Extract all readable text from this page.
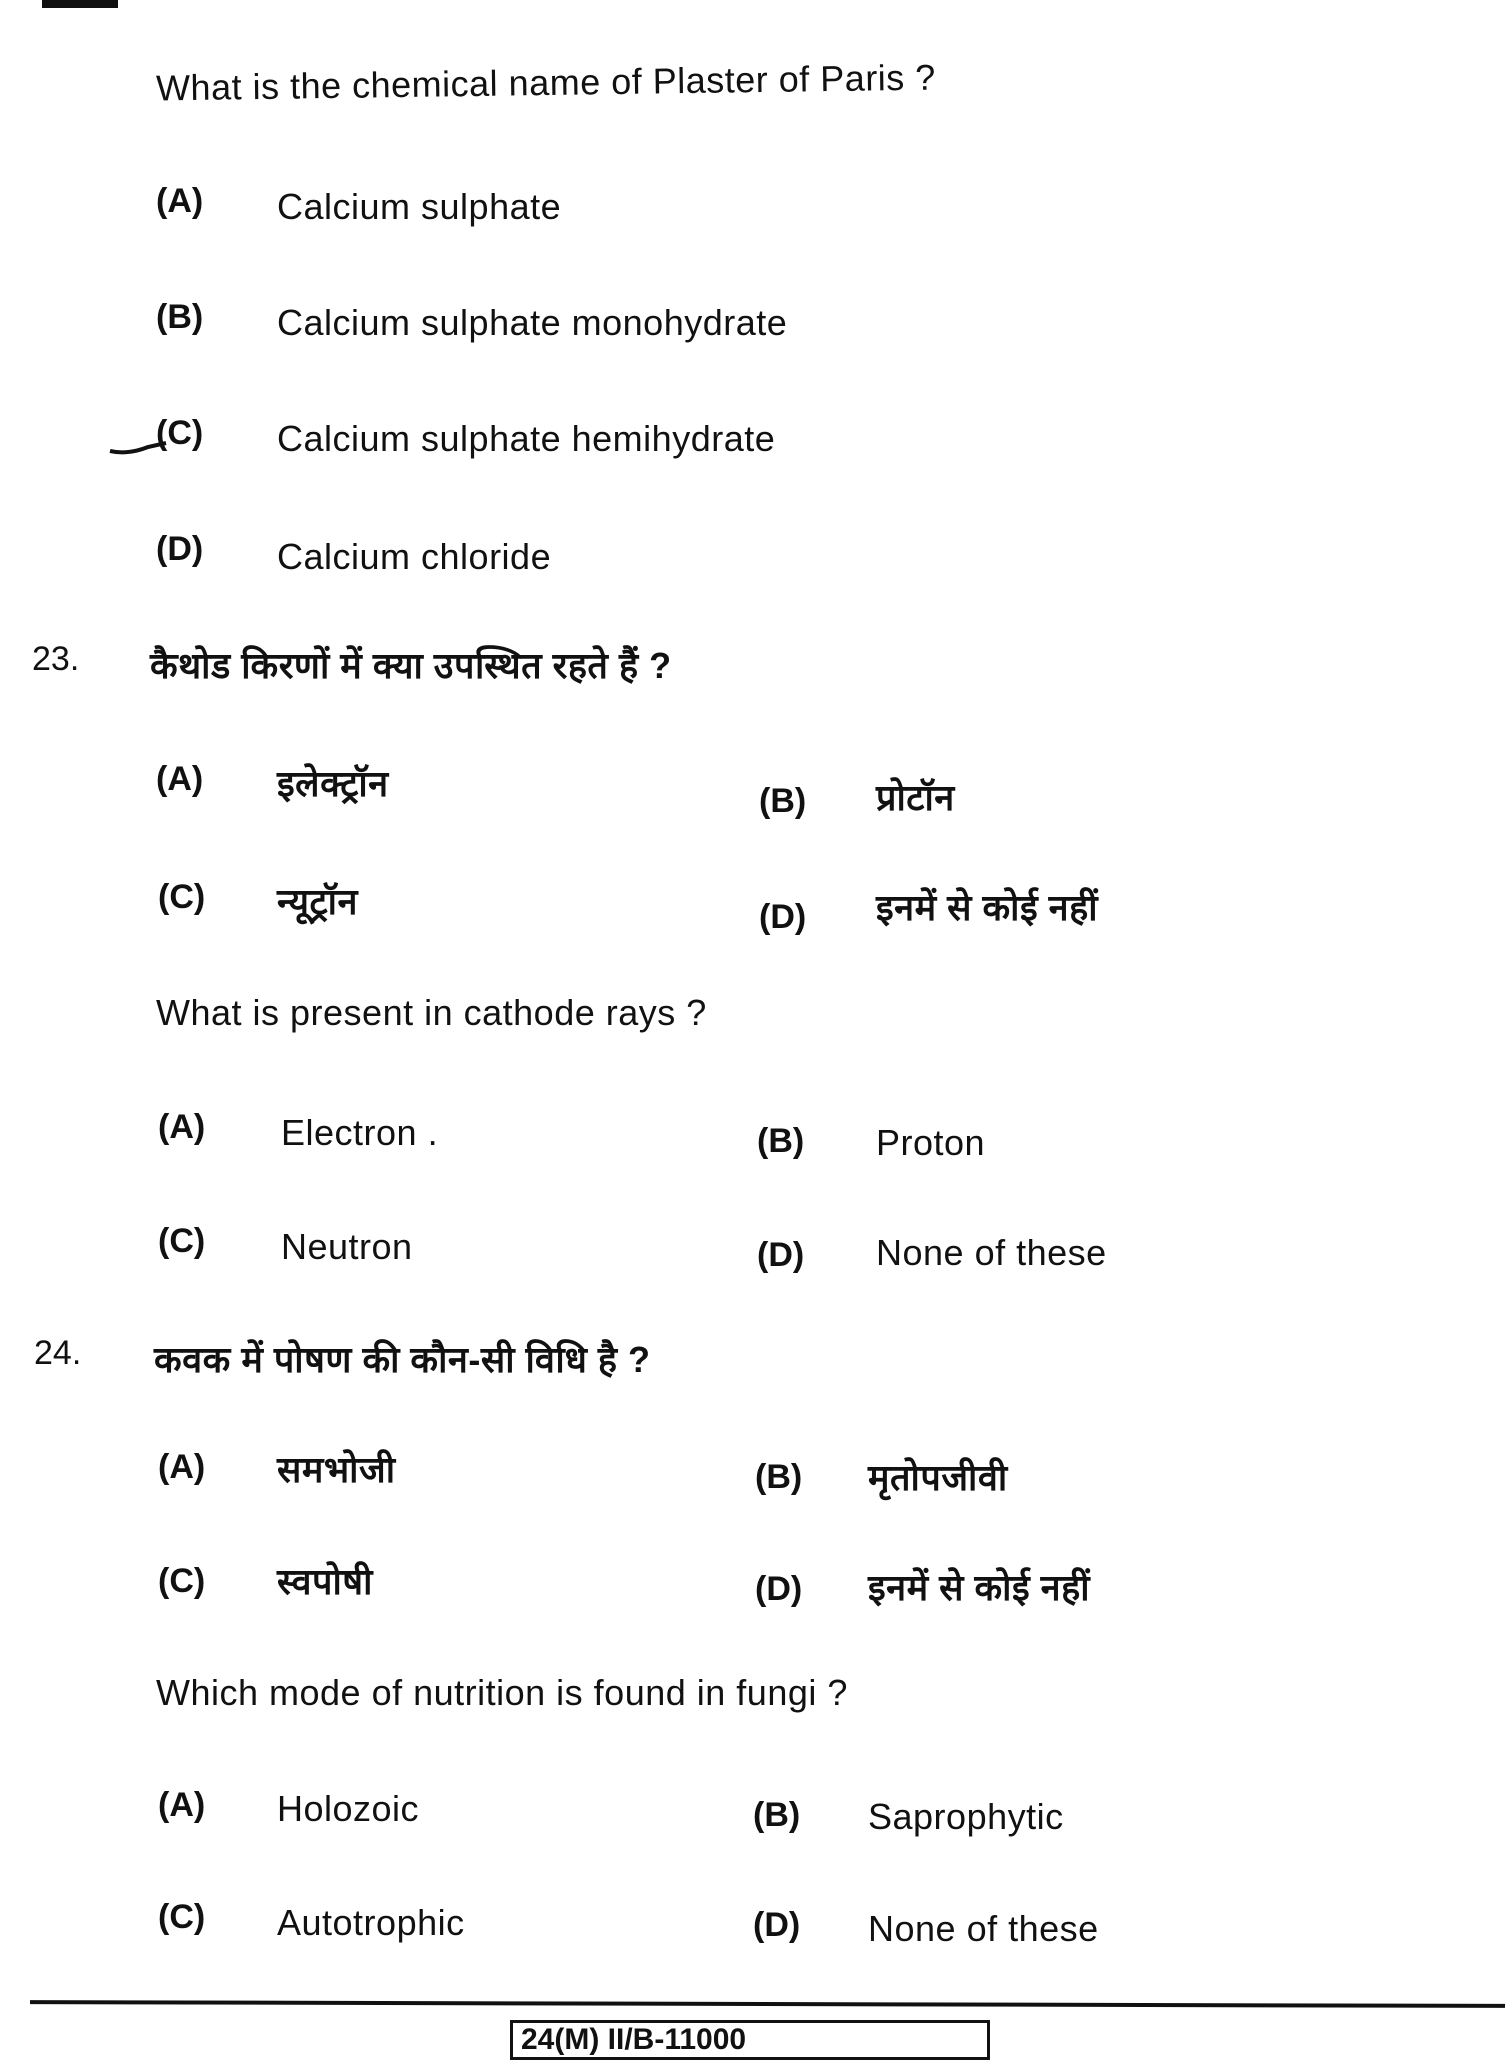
What is the chemical name of Plaster of Paris ?
(A) Calcium sulphate
(B) Calcium sulphate monohydrate
(C) Calcium sulphate hemihydrate
(D) Calcium chloride
23. कैथोड किरणों में क्या उपस्थित रहते हैं ?
(A) इलेक्ट्रॉन	(B) प्रोटॉन
(C) न्यूट्रॉन	(D) इनमें से कोई नहीं
What is present in cathode rays ?
(A) Electron .	(B) Proton
(C) Neutron	(D) None of these
24. कवक में पोषण की कौन-सी विधि है ?
(A) समभोजी	(B) मृतोपजीवी
(C) स्वपोषी	(D) इनमें से कोई नहीं
Which mode of nutrition is found in fungi ?
(A) Holozoic	(B) Saprophytic
(C) Autotrophic	(D) None of these
24(M) II/B-11000
